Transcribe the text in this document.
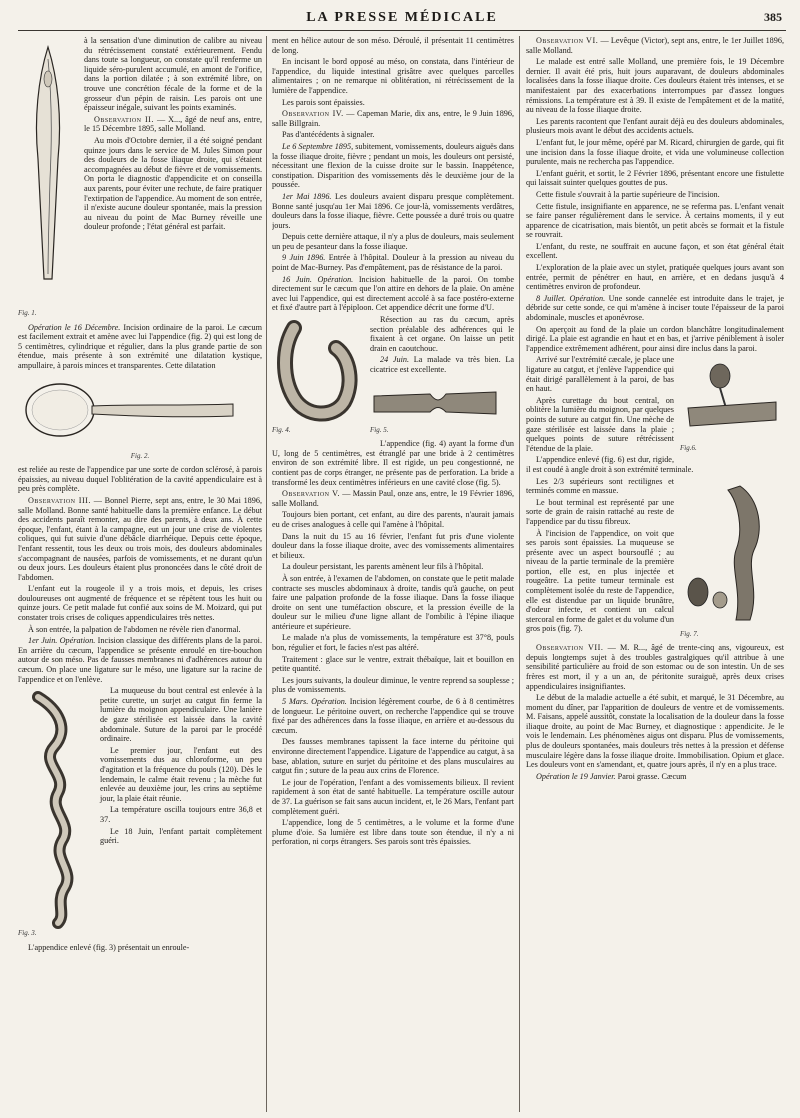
LA PRESSE MÉDICALE	385
Fig. 1.

à la sensation d'une diminution de calibre au niveau du rétrécissement constaté extérieurement. Fendu dans toute sa longueur, on constate qu'il renferme un liquide séro-purulent accumulé, en amont de l'orifice, dans la portion dilatée ; à son extrémité libre, on trouve une concrétion fécale de la forme et de la grosseur d'un pépin de raisin. Les parois ont une épaisseur inégale, suivant les points examinés.

Observation II. — X..., âgé de neuf ans, entre, le 15 Décembre 1895, salle Molland.

Au mois d'Octobre dernier, il a été soigné pendant quinze jours dans le service de M. Jules Simon pour des douleurs de la fosse iliaque droite, qui s'étaient accompagnées au début de fièvre et de vomissements. On porta le diagnostic d'appendicite et on conseilla aux parents, pour éviter une rechute, de faire pratiquer l'extirpation de l'appendice. Au moment de son entrée, il n'existe aucune douleur spontanée, mais la pression au niveau du point de Mac Burney réveille une douleur profonde ; l'état général est parfait.

Opération le 16 Décembre. Incision ordinaire de la paroi. Le cæcum est facilement extrait et amène avec lui l'appendice (fig. 2) qui est long de 5 centimètres, cylindrique et régulier, dans la plus grande partie de son étendue, mais présente à son extrémité une dilatation kystique, ampullaire, à parois minces et transparentes. Cette dilatation

Fig. 2.

est reliée au reste de l'appendice par une sorte de cordon sclérosé, à parois épaissies, au niveau duquel l'oblitération de la cavité appendiculaire est à peu près complète.

Observation III. — Bonnel Pierre, sept ans, entre, le 30 Mai 1896, salle Molland. Bonne santé habituelle dans la première enfance. Le début des accidents paraît remonter, au dire des parents, à deux ans. À cette époque, l'enfant, étant à la campagne, eut un jour une crise de violentes coliques, qui fut suivie d'une débâcle diarrhéique. Depuis cette époque, l'enfant ressentit, tous les deux ou trois mois, des douleurs abdominales s'accompagnant de nausées, parfois de vomissements, et ne durant qu'un ou deux jours. Les douleurs étaient plus prononcées dans le côté droit de l'abdomen.

L'enfant eut la rougeole il y a trois mois, et depuis, les crises douloureuses ont augmenté de fréquence et se répètent tous les huit ou quinze jours. Ce petit malade fut confié aux soins de M. Moizard, qui put constater trois crises de coliques appendiculaires très nettes.

À son entrée, la palpation de l'abdomen ne révèle rien d'anormal.

1er Juin. Opération. Incision classique des différents plans de la paroi. En arrière du cæcum, l'appendice se présente enroulé en tire-bouchon autour de son méso. Pas de fausses membranes ni d'adhérences autour du cæcum. On place une ligature sur le méso, une ligature sur la racine de l'appendice et on l'enlève.

Fig. 3.

La muqueuse du bout central est enlevée à la petite curette, un surjet au catgut fin ferme la lumière du moignon appendiculaire. Une lanière de gaze stérilisée est laissée dans la cavité abdominale. Suture de la paroi par le procédé ordinaire.

Le premier jour, l'enfant eut des vomissements dus au chloroforme, un peu d'agitation et la fréquence du pouls (120). Dès le lendemain, le calme était revenu ; la mèche fut enlevée au deuxième jour, les crins au septième jour, la plaie était réunie.

La température oscilla toujours entre 36,8 et 37.

Le 18 Juin, l'enfant partait complètement guéri.

L'appendice enlevé (fig. 3) présentait un enroule-

ment en hélice autour de son méso. Déroulé, il présentait 11 centimètres de long.

En incisant le bord opposé au méso, on constata, dans l'intérieur de l'appendice, du liquide intestinal grisâtre avec quelques parcelles alimentaires ; on ne remarque ni oblitération, ni rétrécissement de la lumière de l'appendice.

Les parois sont épaissies.

Observation IV. — Capeman Marie, dix ans, entre, le 9 Juin 1896, salle Billgrain.

Pas d'antécédents à signaler.

Le 6 Septembre 1895, subitement, vomissements, douleurs aiguës dans la fosse iliaque droite, fièvre ; pendant un mois, les douleurs ont persisté, nécessitant une flexion de la cuisse droite sur le bassin. Inappétence, constipation. Disparition des vomissements dès le deuxième jour de la poussée.

1er Mai 1896. Les douleurs avaient disparu presque complètement. Bonne santé jusqu'au 1er Mai 1896. Ce jour-là, vomissements verdâtres, douleurs dans la fosse iliaque, fièvre. Cette poussée a duré trois ou quatre jours.

Depuis cette dernière attaque, il n'y a plus de douleurs, mais seulement un peu de pesanteur dans la fosse iliaque.

9 Juin 1896. Entrée à l'hôpital. Douleur à la pression au niveau du point de Mac-Burney. Pas d'empâtement, pas de résistance de la paroi.

16 Juin. Opération. Incision habituelle de la paroi. On tombe directement sur le cæcum que l'on attire en dehors de la plaie. On amène avec lui l'appendice, qui est directement accolé à sa face postéro-externe et fixé d'autre part à l'épiploon. Cet appendice décrit une forme d'U.

Fig. 4.

Résection au ras du cæcum, après section préalable des adhérences qui le fixaient à cet organe. On laisse un petit drain en caoutchouc.

24 Juin. La malade va très bien. La cicatrice est excellente.

Fig. 5.

L'appendice (fig. 4) ayant la forme d'un U, long de 5 centimètres, est étranglé par une bride à 2 centimètres environ de son extrémité libre. Il est rigide, un peu congestionné, ne contient pas de corps étranger, ne présente pas de perforation. La bride a transformé les deux centimètres inférieurs en une cavité close (fig. 5).

Observation V. — Massin Paul, onze ans, entre, le 19 Février 1896, salle Molland.

Toujours bien portant, cet enfant, au dire des parents, n'aurait jamais eu de crises analogues à celle qui l'amène à l'hôpital.

Dans la nuit du 15 au 16 février, l'enfant fut pris d'une violente douleur dans la fosse iliaque droite, avec des vomissements alimentaires et bilieux.

La douleur persistant, les parents amènent leur fils à l'hôpital.

À son entrée, à l'examen de l'abdomen, on constate que le petit malade contracte ses muscles abdominaux à droite, tandis qu'à gauche, on peut faire une palpation profonde de la fosse iliaque. Dans la fosse iliaque droite on sent une tuméfaction obscure, et la pression éveille de la douleur sur le milieu d'une ligne allant de l'ombilic à l'épine iliaque antérieure et supérieure.

Le malade n'a plus de vomissements, la température est 37°8, pouls bon, régulier et fort, le facies n'est pas altéré.

Traitement : glace sur le ventre, extrait thébaïque, lait et bouillon en petite quantité.

Les jours suivants, la douleur diminue, le ventre reprend sa souplesse ; plus de vomissements.

5 Mars. Opération. Incision légèrement courbe, de 6 à 8 centimètres de longueur. Le péritoine ouvert, on recherche l'appendice qui se trouve fixé par des adhérences dans la fosse iliaque, en arrière et au-dessous du cæcum.

Des fausses membranes tapissent la face interne du péritoine qui environne directement l'appendice. Ligature de l'appendice au catgut, à sa base, ablation, suture en surjet du péritoine et des plans musculaires au catgut fin ; suture de la peau aux crins de Florence.

Le jour de l'opération, l'enfant a des vomissements bilieux. Il revient rapidement à son état de santé habituelle. La température oscille autour de 37. La guérison se fait sans aucun incident, et, le 26 Mars, l'enfant part complètement guéri.

L'appendice, long de 5 centimètres, a le volume et la forme d'une plume d'oie. Sa lumière est libre dans toute son étendue, il n'y a ni perforation, ni corps étrangers. Ses parois sont très épaissies.

Observation VI. — Levêque (Victor), sept ans, entre, le 1er Juillet 1896, salle Molland.

Le malade est entré salle Molland, une première fois, le 19 Décembre dernier. Il avait été pris, huit jours auparavant, de douleurs abdominales localisées dans la fosse iliaque droite. Ces douleurs étaient très intenses, et se manifestaient par des exacerbations interrompues par d'assez longues rémissions. La température est à 39. Il existe de l'empâtement et de la matité, au niveau de la fosse iliaque droite.

Les parents racontent que l'enfant aurait déjà eu des douleurs abdominales, plusieurs mois avant le début des accidents actuels.

L'enfant fut, le jour même, opéré par M. Ricard, chirurgien de garde, qui fit une incision dans la fosse iliaque droite, et vida une volumineuse collection purulente, mais ne rechercha pas l'appendice.

L'enfant guérit, et sortit, le 2 Février 1896, présentant encore une fistulette qui laissait suinter quelques gouttes de pus.

Cette fistule s'ouvrait à la partie supérieure de l'incision.

Cette fistule, insignifiante en apparence, ne se referma pas. L'enfant venait se faire panser régulièrement dans le service. À certains moments, il y eut apparence de cicatrisation, mais bientôt, un petit abcès se formait et la fistule se rouvrait.

L'enfant, du reste, ne souffrait en aucune façon, et son état général était excellent.

L'exploration de la plaie avec un stylet, pratiquée quelques jours avant son entrée, permit de pénétrer en haut, en arrière, et en dedans jusqu'à 4 centimètres environ de profondeur.

8 Juillet. Opération. Une sonde cannelée est introduite dans le trajet, je débride sur cette sonde, ce qui m'amène à inciser toute l'épaisseur de la paroi abdominale, muscles et aponévrose.

On aperçoit au fond de la plaie un cordon blanchâtre longitudinalement dirigé. La plaie est agrandie en haut et en bas, et j'arrive péniblement à isoler l'appendice extrêmement adhérent, pour ainsi dire inclus dans la paroi.

Fig.6.

Arrivé sur l'extrémité cæcale, je place une ligature au catgut, et j'enlève l'appendice qui était dirigé parallèlement à la paroi, de bas en haut.

Après curettage du bout central, on oblitère la lumière du moignon, par quelques points de suture au catgut fin. Une mèche de gaze stérilisée est laissée dans la plaie ; quelques points de suture rétrécissent l'étendue de la plaie.

L'appendice enlevé (fig. 6) est dur, rigide, il est coudé à angle droit à son extrémité terminale.

Fig. 7.

Les 2/3 supérieurs sont rectilignes et terminés comme en massue.

Le bout terminal est représenté par une sorte de grain de raisin rattaché au reste de l'appendice par du tissu fibreux.

À l'incision de l'appendice, on voit que ses parois sont épaissies. La muqueuse se présente avec un aspect boursouflé ; au niveau de la partie terminale de la première portion, elle est, en plus injectée et rougeâtre. La petite tumeur terminale est complètement isolée du reste de l'appendice, elle est distendue par un liquide brunâtre, d'odeur infecte, et contient un calcul stercoral en forme de galet et du volume d'un gros pois (fig. 7).

Observation VII. — M. R..., âgé de trente-cinq ans, vigoureux, est depuis longtemps sujet à des troubles gastralgiques qu'il attribue à une sensibilité particulière au froid de son estomac ou de son intestin. Un de ses frères est mort, il y a un an, de péritonite suraiguë, après deux crises appendiculaires insignifiantes.

Le début de la maladie actuelle a été subit, et marqué, le 31 Décembre, au moment du dîner, par l'apparition de douleurs de ventre et de vomissements. M. Faisans, appelé aussitôt, constate la localisation de la douleur dans la fosse iliaque droite, au point de Mac Burney, et diagnostique : appendicite. Je le vois le lendemain. Les phénomènes aigus ont disparu. Plus de vomissements, plus de douleurs spontanées, mais douleurs très nettes à la pression et défense musculaire légère dans la fosse iliaque droite. Immobilisation. Opium et glace. Les douleurs vont en s'amendant, et, quatre jours après, il n'y en a plus trace.

Opération le 19 Janvier. Paroi grasse. Cæcum
